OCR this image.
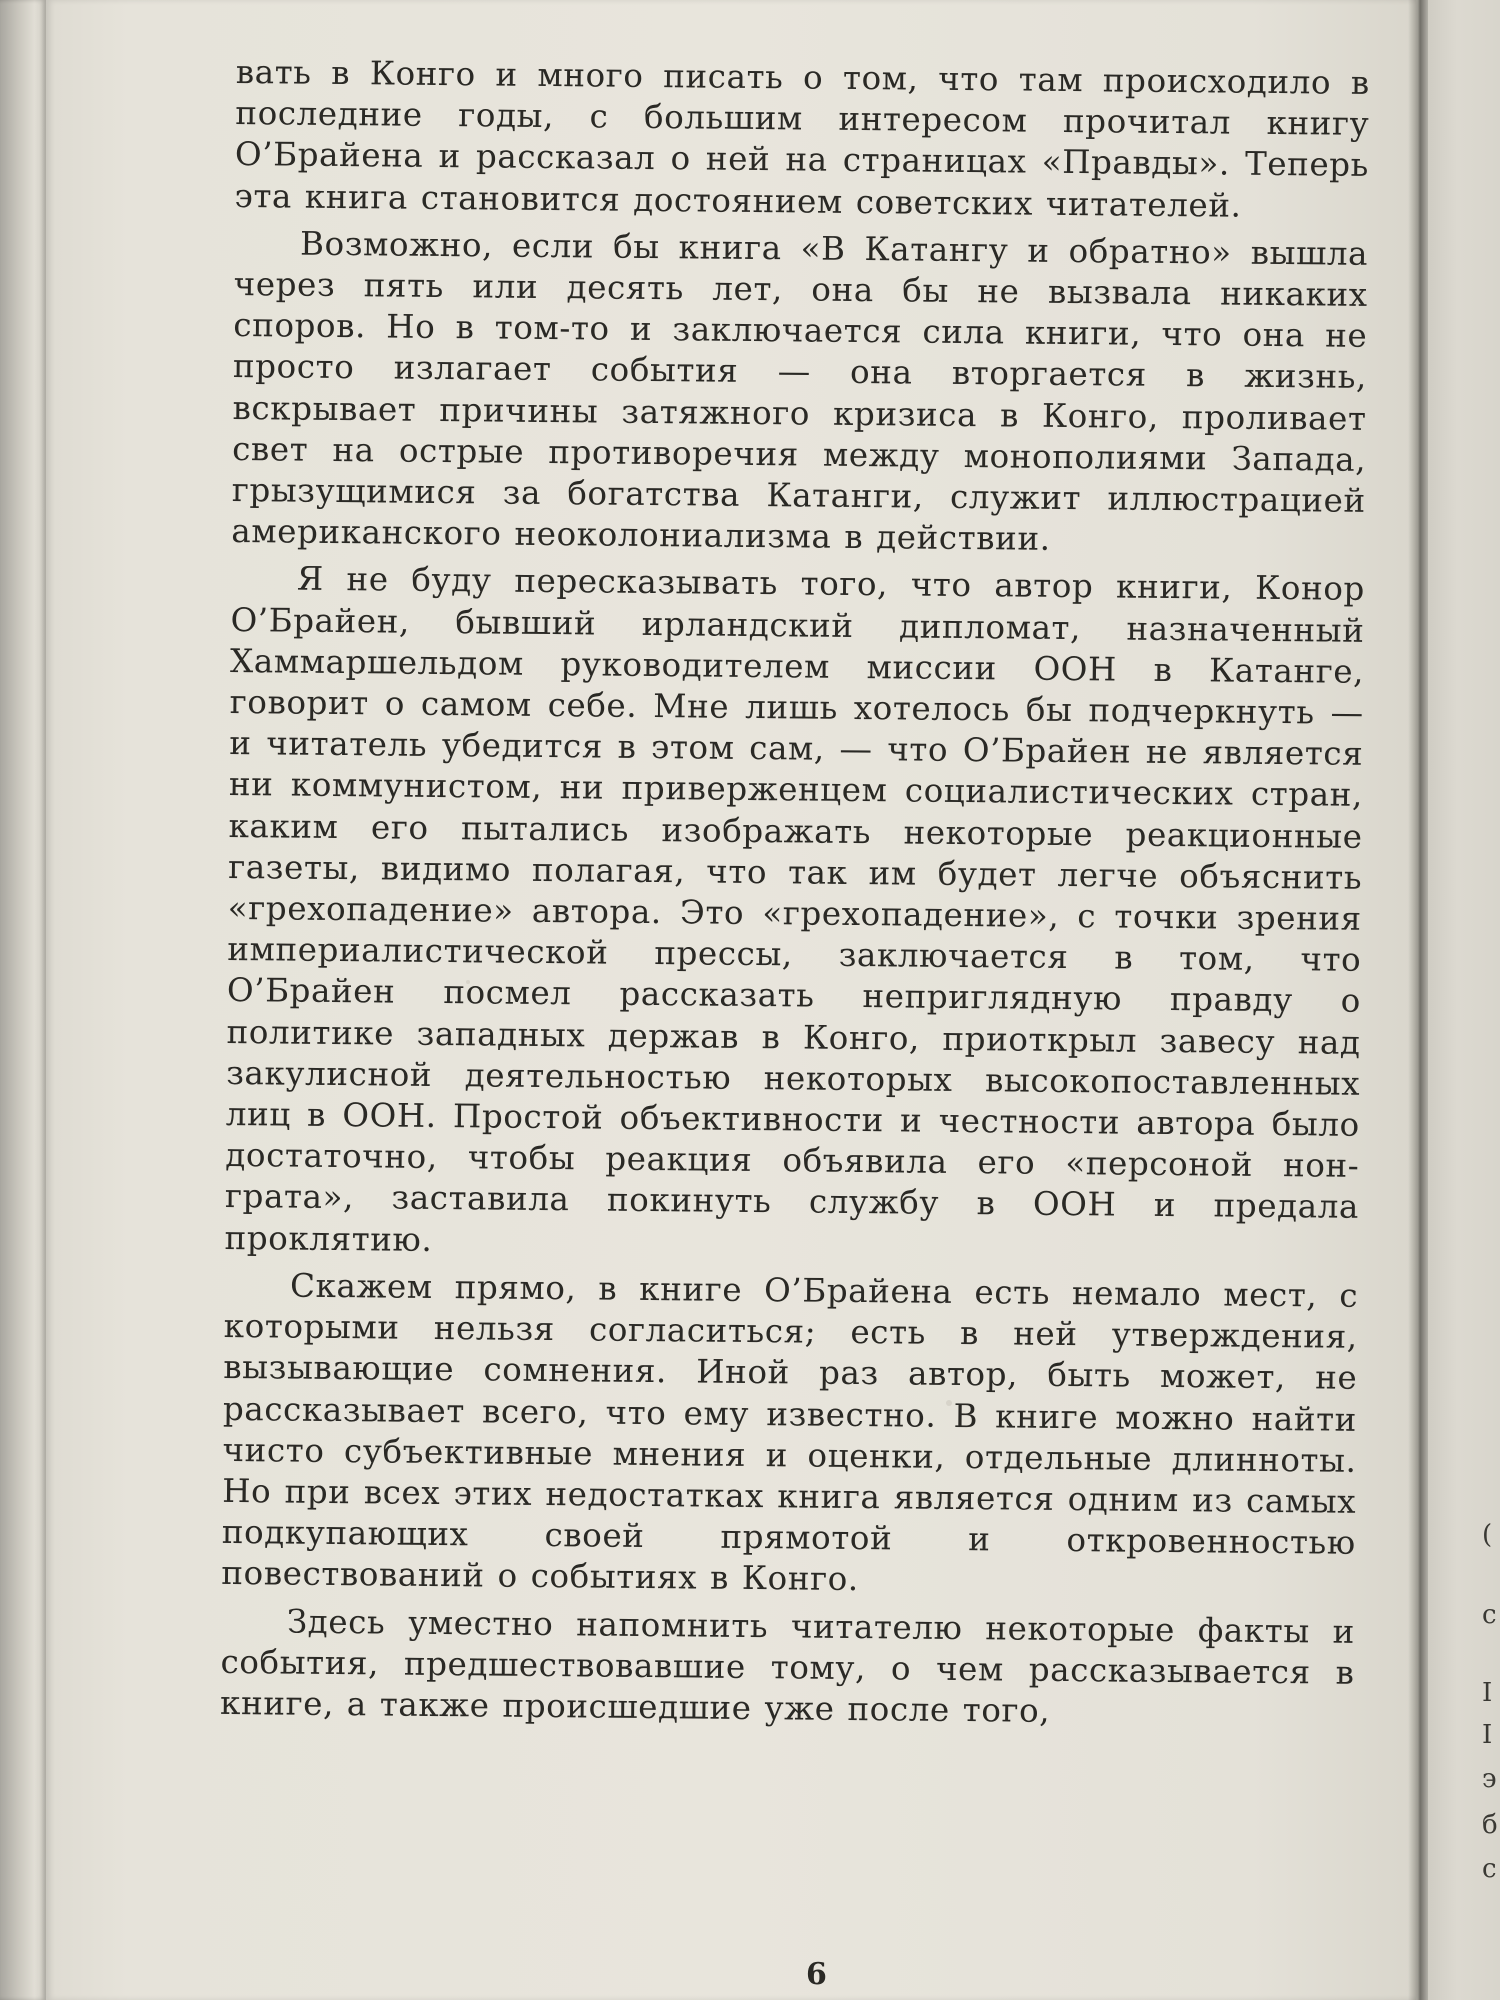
(
с
I
I
э
б
с

вать в Конго и много писать о том, что там происходило в последние годы, с большим интересом прочитал книгу О’Брайена и рассказал о ней на страницах «Правды». Теперь эта книга становится достоянием советских читателей.

Возможно, если бы книга «В Катангу и обратно» вышла через пять или десять лет, она бы не вызвала никаких споров. Но в том-то и заключается сила книги, что она не просто излагает события — она вторгается в жизнь, вскрывает причины затяжного кризиса в Конго, проливает свет на острые противоречия между монополиями Запада, грызущимися за богатства Катанги, служит иллюстрацией американского неоколониализма в действии.

Я не буду пересказывать того, что автор книги, Конор О’Брайен, бывший ирландский дипломат, назначенный Хаммаршельдом руководителем миссии ООН в Катанге, говорит о самом себе. Мне лишь хотелось бы подчеркнуть — и читатель убедится в этом сам, — что О’Брайен не является ни коммунистом, ни приверженцем социалистических стран, каким его пытались изображать некоторые реакционные газеты, видимо полагая, что так им будет легче объяснить «грехопадение» автора. Это «грехопадение», с точки зрения империалистической прессы, заключается в том, что О’Брайен посмел рассказать неприглядную правду о политике западных держав в Конго, приоткрыл завесу над закулисной деятельностью некоторых высокопоставленных лиц в ООН. Простой объективности и честности автора было достаточно, чтобы реакция объявила его «персоной нон-грата», заставила покинуть службу в ООН и предала проклятию.

Скажем прямо, в книге О’Брайена есть немало мест, с которыми нельзя согласиться; есть в ней утверждения, вызывающие сомнения. Иной раз автор, быть может, не рассказывает всего, что ему известно. В книге можно найти чисто субъективные мнения и оценки, отдельные длинноты. Но при всех этих недостатках книга является одним из самых подкупающих своей прямотой и откровенностью повествований о событиях в Конго.

Здесь уместно напомнить читателю некоторые факты и события, предшествовавшие тому, о чем рассказывается в книге, а также происшедшие уже после того,

6
